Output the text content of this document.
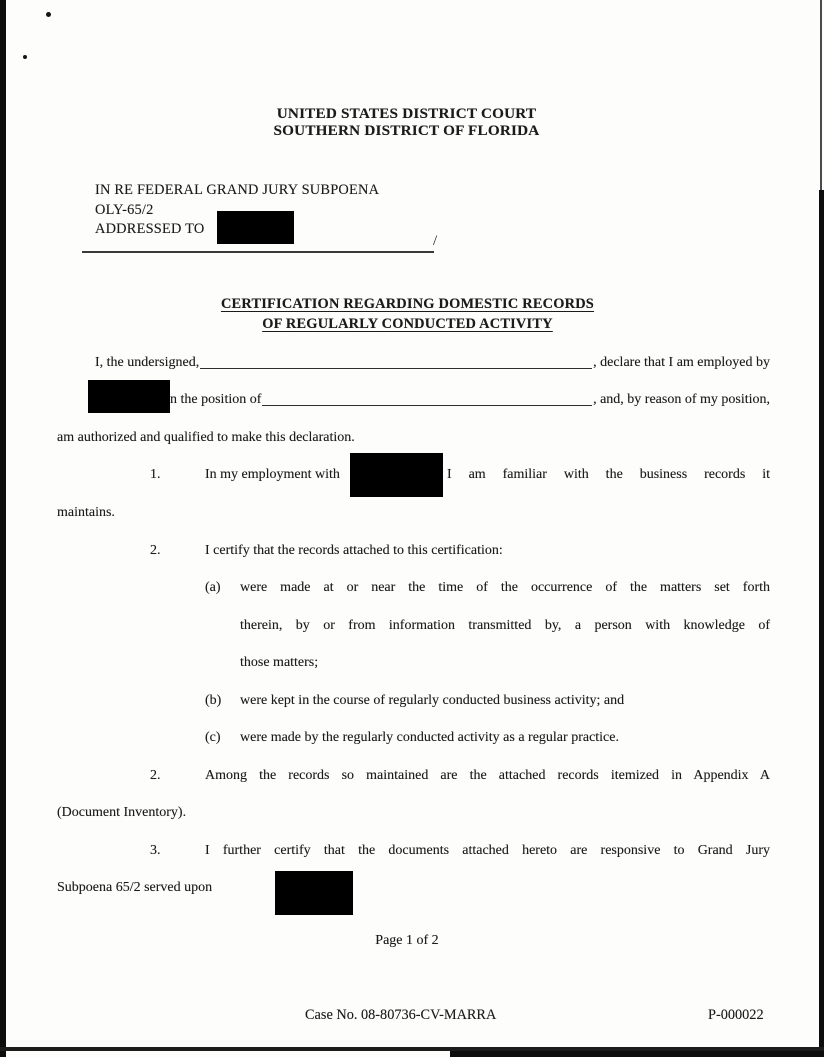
UNITED STATES DISTRICT COURT
SOUTHERN DISTRICT OF FLORIDA
IN RE FEDERAL GRAND JURY SUBPOENA
OLY-65/2
ADDRESSED TO
/
CERTIFICATION REGARDING DOMESTIC RECORDS
OF REGULARLY CONDUCTED ACTIVITY
I, the undersigned,	, declare that I am employed by
n the position of	, and, by reason of my position,
am authorized and qualified to make this declaration.
1.	In my employment with	I am familiar with the business records it
maintains.
2.	I certify that the records attached to this certification:
(a) were made at or near the time of the occurrence of the matters set forth
therein, by or from information transmitted by, a person with knowledge of
those matters;
(b) were kept in the course of regularly conducted business activity; and
(c) were made by the regularly conducted activity as a regular practice.
2.	Among the records so maintained are the attached records itemized in Appendix A
(Document Inventory).
3.	I further certify that the documents attached hereto are responsive to Grand Jury
Subpoena 65/2 served upon
Page 1 of 2
Case No. 08-80736-CV-MARRA	P-000022
